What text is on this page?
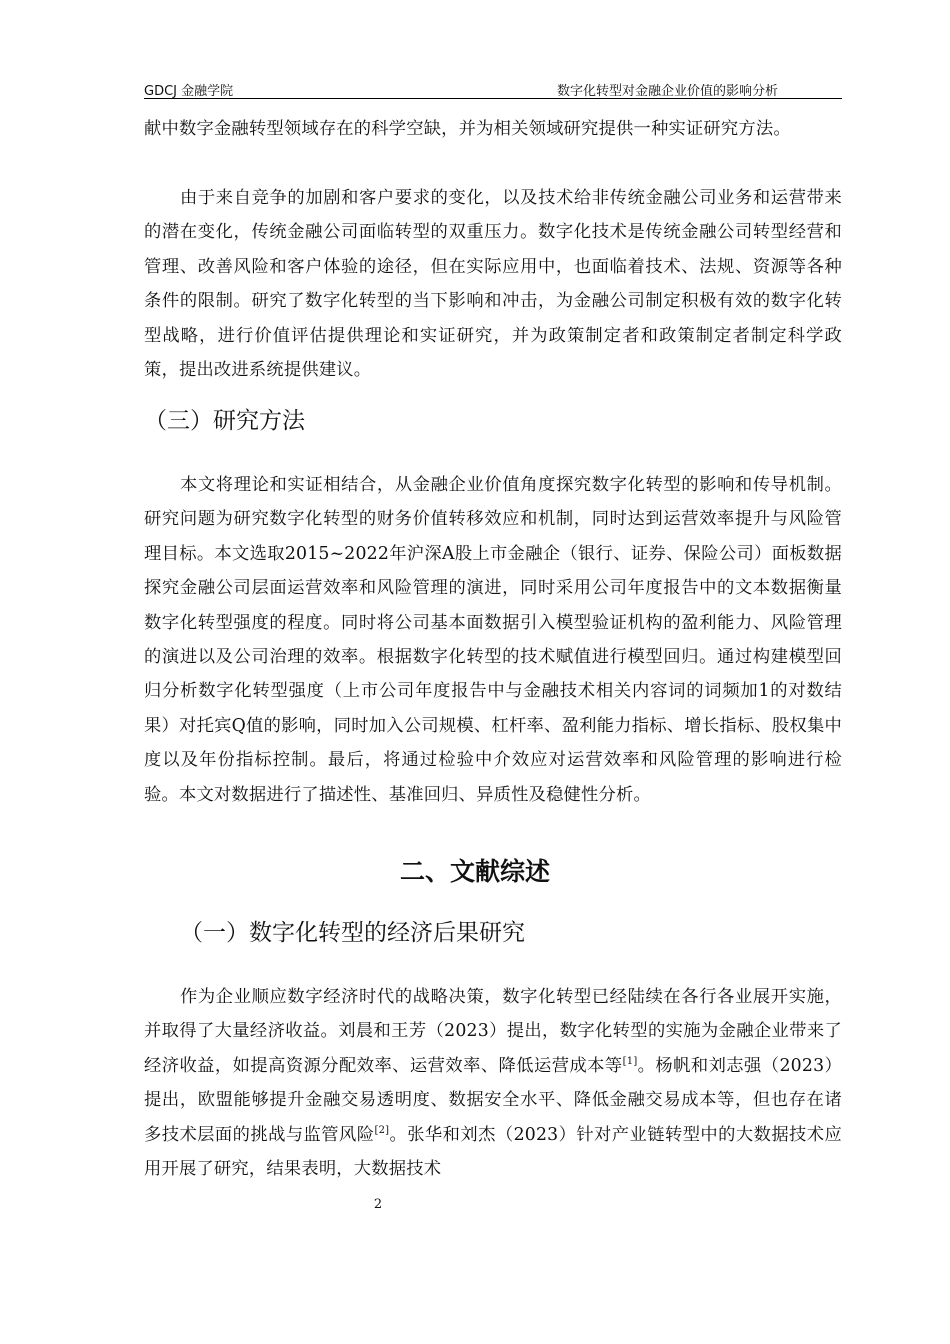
GDCJ 金融学院	数字化转型对金融企业价值的影响分析

献中数字金融转型领域存在的科学空缺，并为相关领域研究提供一种实证研究方法。

由于来自竞争的加剧和客户要求的变化，以及技术给非传统金融公司业务和运营带来的潜在变化，传统金融公司面临转型的双重压力。数字化技术是传统金融公司转型经营和管理、改善风险和客户体验的途径，但在实际应用中，也面临着技术、法规、资源等各种条件的限制。研究了数字化转型的当下影响和冲击，为金融公司制定积极有效的数字化转型战略，进行价值评估提供理论和实证研究，并为政策制定者和政策制定者制定科学政策，提出改进系统提供建议。

（三）研究方法

本文将理论和实证相结合，从金融企业价值角度探究数字化转型的影响和传导机制。研究问题为研究数字化转型的财务价值转移效应和机制，同时达到运营效率提升与风险管理目标。本文选取2015~2022年沪深A股上市金融企（银行、证券、保险公司）面板数据探究金融公司层面运营效率和风险管理的演进，同时采用公司年度报告中的文本数据衡量数字化转型强度的程度。同时将公司基本面数据引入模型验证机构的盈利能力、风险管理的演进以及公司治理的效率。根据数字化转型的技术赋值进行模型回归。通过构建模型回归分析数字化转型强度（上市公司年度报告中与金融技术相关内容词的词频加1的对数结果）对托宾Q值的影响，同时加入公司规模、杠杆率、盈利能力指标、增长指标、股权集中度以及年份指标控制。最后，将通过检验中介效应对运营效率和风险管理的影响进行检验。本文对数据进行了描述性、基准回归、异质性及稳健性分析。

二、文献综述
（一）数字化转型的经济后果研究

作为企业顺应数字经济时代的战略决策，数字化转型已经陆续在各行各业展开实施，并取得了大量经济收益。刘晨和王芳（2023）提出，数字化转型的实施为金融企业带来了经济收益，如提高资源分配效率、运营效率、降低运营成本等[1]。杨帆和刘志强（2023）提出，欧盟能够提升金融交易透明度、数据安全水平、降低金融交易成本等，但也存在诸多技术层面的挑战与监管风险[2]。张华和刘杰（2023）针对产业链转型中的大数据技术应用开展了研究，结果表明，大数据技术

2
